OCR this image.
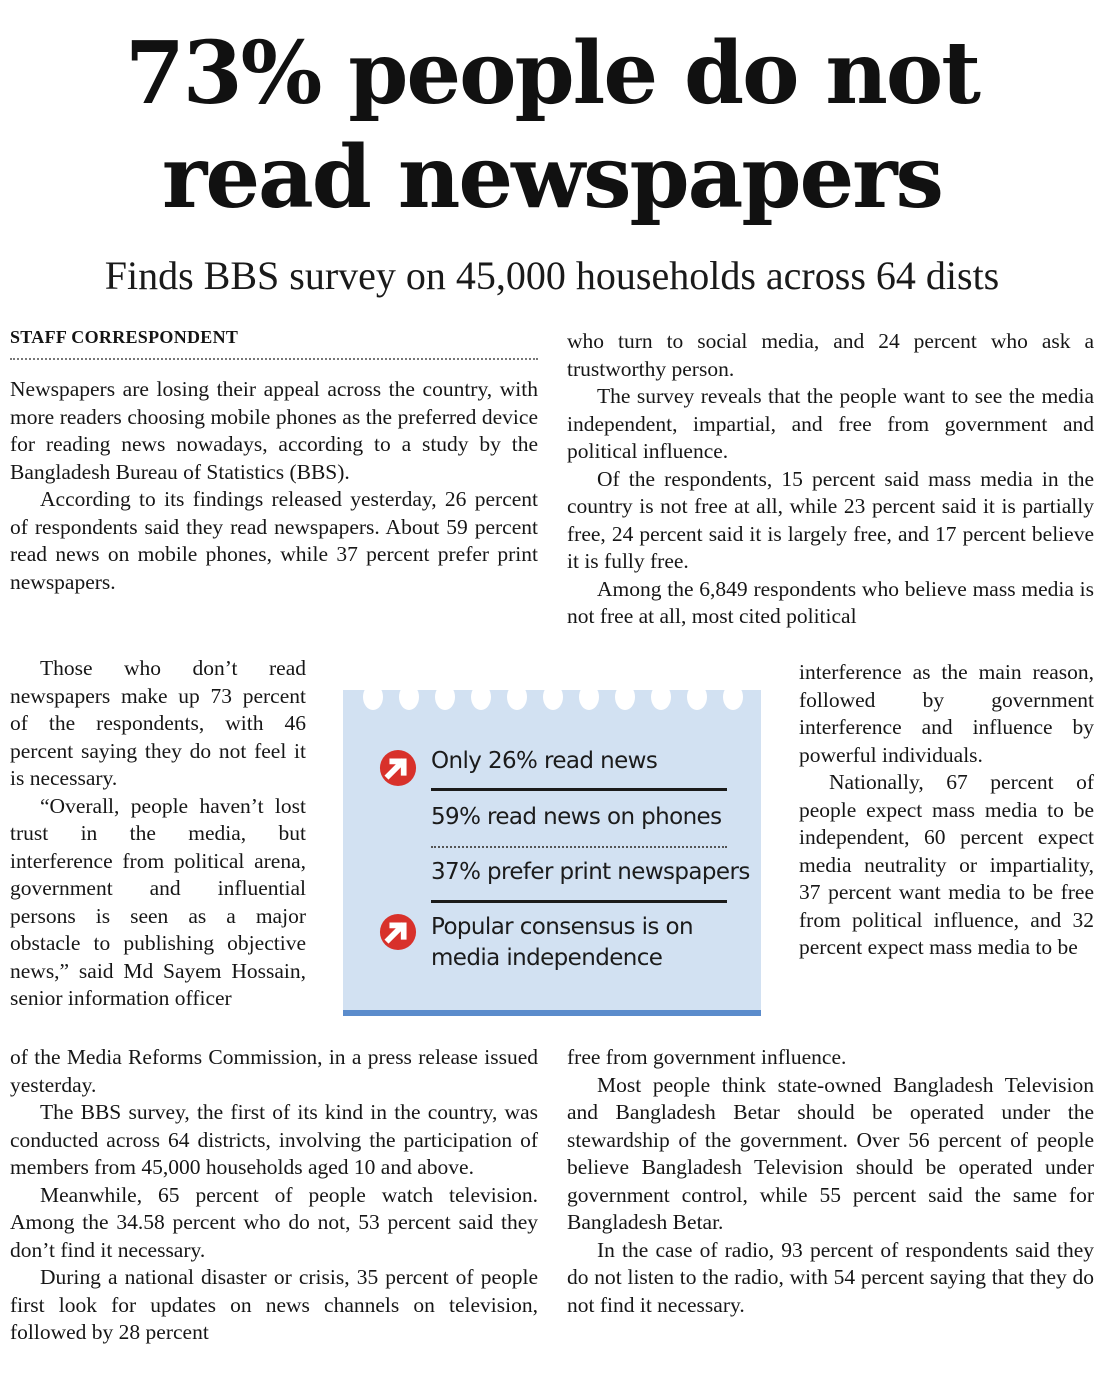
73% people do not
read newspapers
Finds BBS survey on 45,000 households across 64 dists
STAFF CORRESPONDENT

Newspapers are losing their appeal across the country, with more readers choosing mobile phones as the preferred device for reading news nowadays, according to a study by the Bangladesh Bureau of Statistics (BBS).

According to its findings released yesterday, 26 percent of respondents said they read newspapers. About 59 percent read news on mobile phones, while 37 percent prefer print newspapers.

Those who don’t read newspapers make up 73 percent of the respondents, with 46 percent saying they do not feel it is necessary.

“Overall, people haven’t lost trust in the media, but interference from political arena, government and influential persons is seen as a major obstacle to publishing objective news,” said Md Sayem Hossain, senior information officer

of the Media Reforms Commission, in a press release issued yesterday.

The BBS survey, the first of its kind in the country, was conducted across 64 districts, involving the participation of members from 45,000 households aged 10 and above.

Meanwhile, 65 percent of people watch television. Among the 34.58 percent who do not, 53 percent said they don’t find it necessary.

During a national disaster or crisis, 35 percent of people first look for updates on news channels on television, followed by 28 percent

who turn to social media, and 24 percent who ask a trustworthy person.

The survey reveals that the people want to see the media independent, impartial, and free from government and political influence.

Of the respondents, 15 percent said mass media in the country is not free at all, while 23 percent said it is partially free, 24 percent said it is largely free, and 17 percent believe it is fully free.

Among the 6,849 respondents who believe mass media is not free at all, most cited political

interference as the main reason, followed by government interference and influence by powerful individuals.

Nationally, 67 percent of people expect mass media to be independent, 60 percent expect media neutrality or impartiality, 37 percent want media to be free from political influence, and 32 percent expect mass media to be

free from government influence.

Most people think state-owned Bangladesh Television and Bangladesh Betar should be operated under the stewardship of the government. Over 56 percent of people believe Bangladesh Television should be operated under government control, while 55 percent said the same for Bangladesh Betar.

In the case of radio, 93 percent of respondents said they do not listen to the radio, with 54 percent saying that they do not find it necessary.

Only 26% read news
59% read news on phones
37% prefer print newspapers
Popular consensus is on
media independence
